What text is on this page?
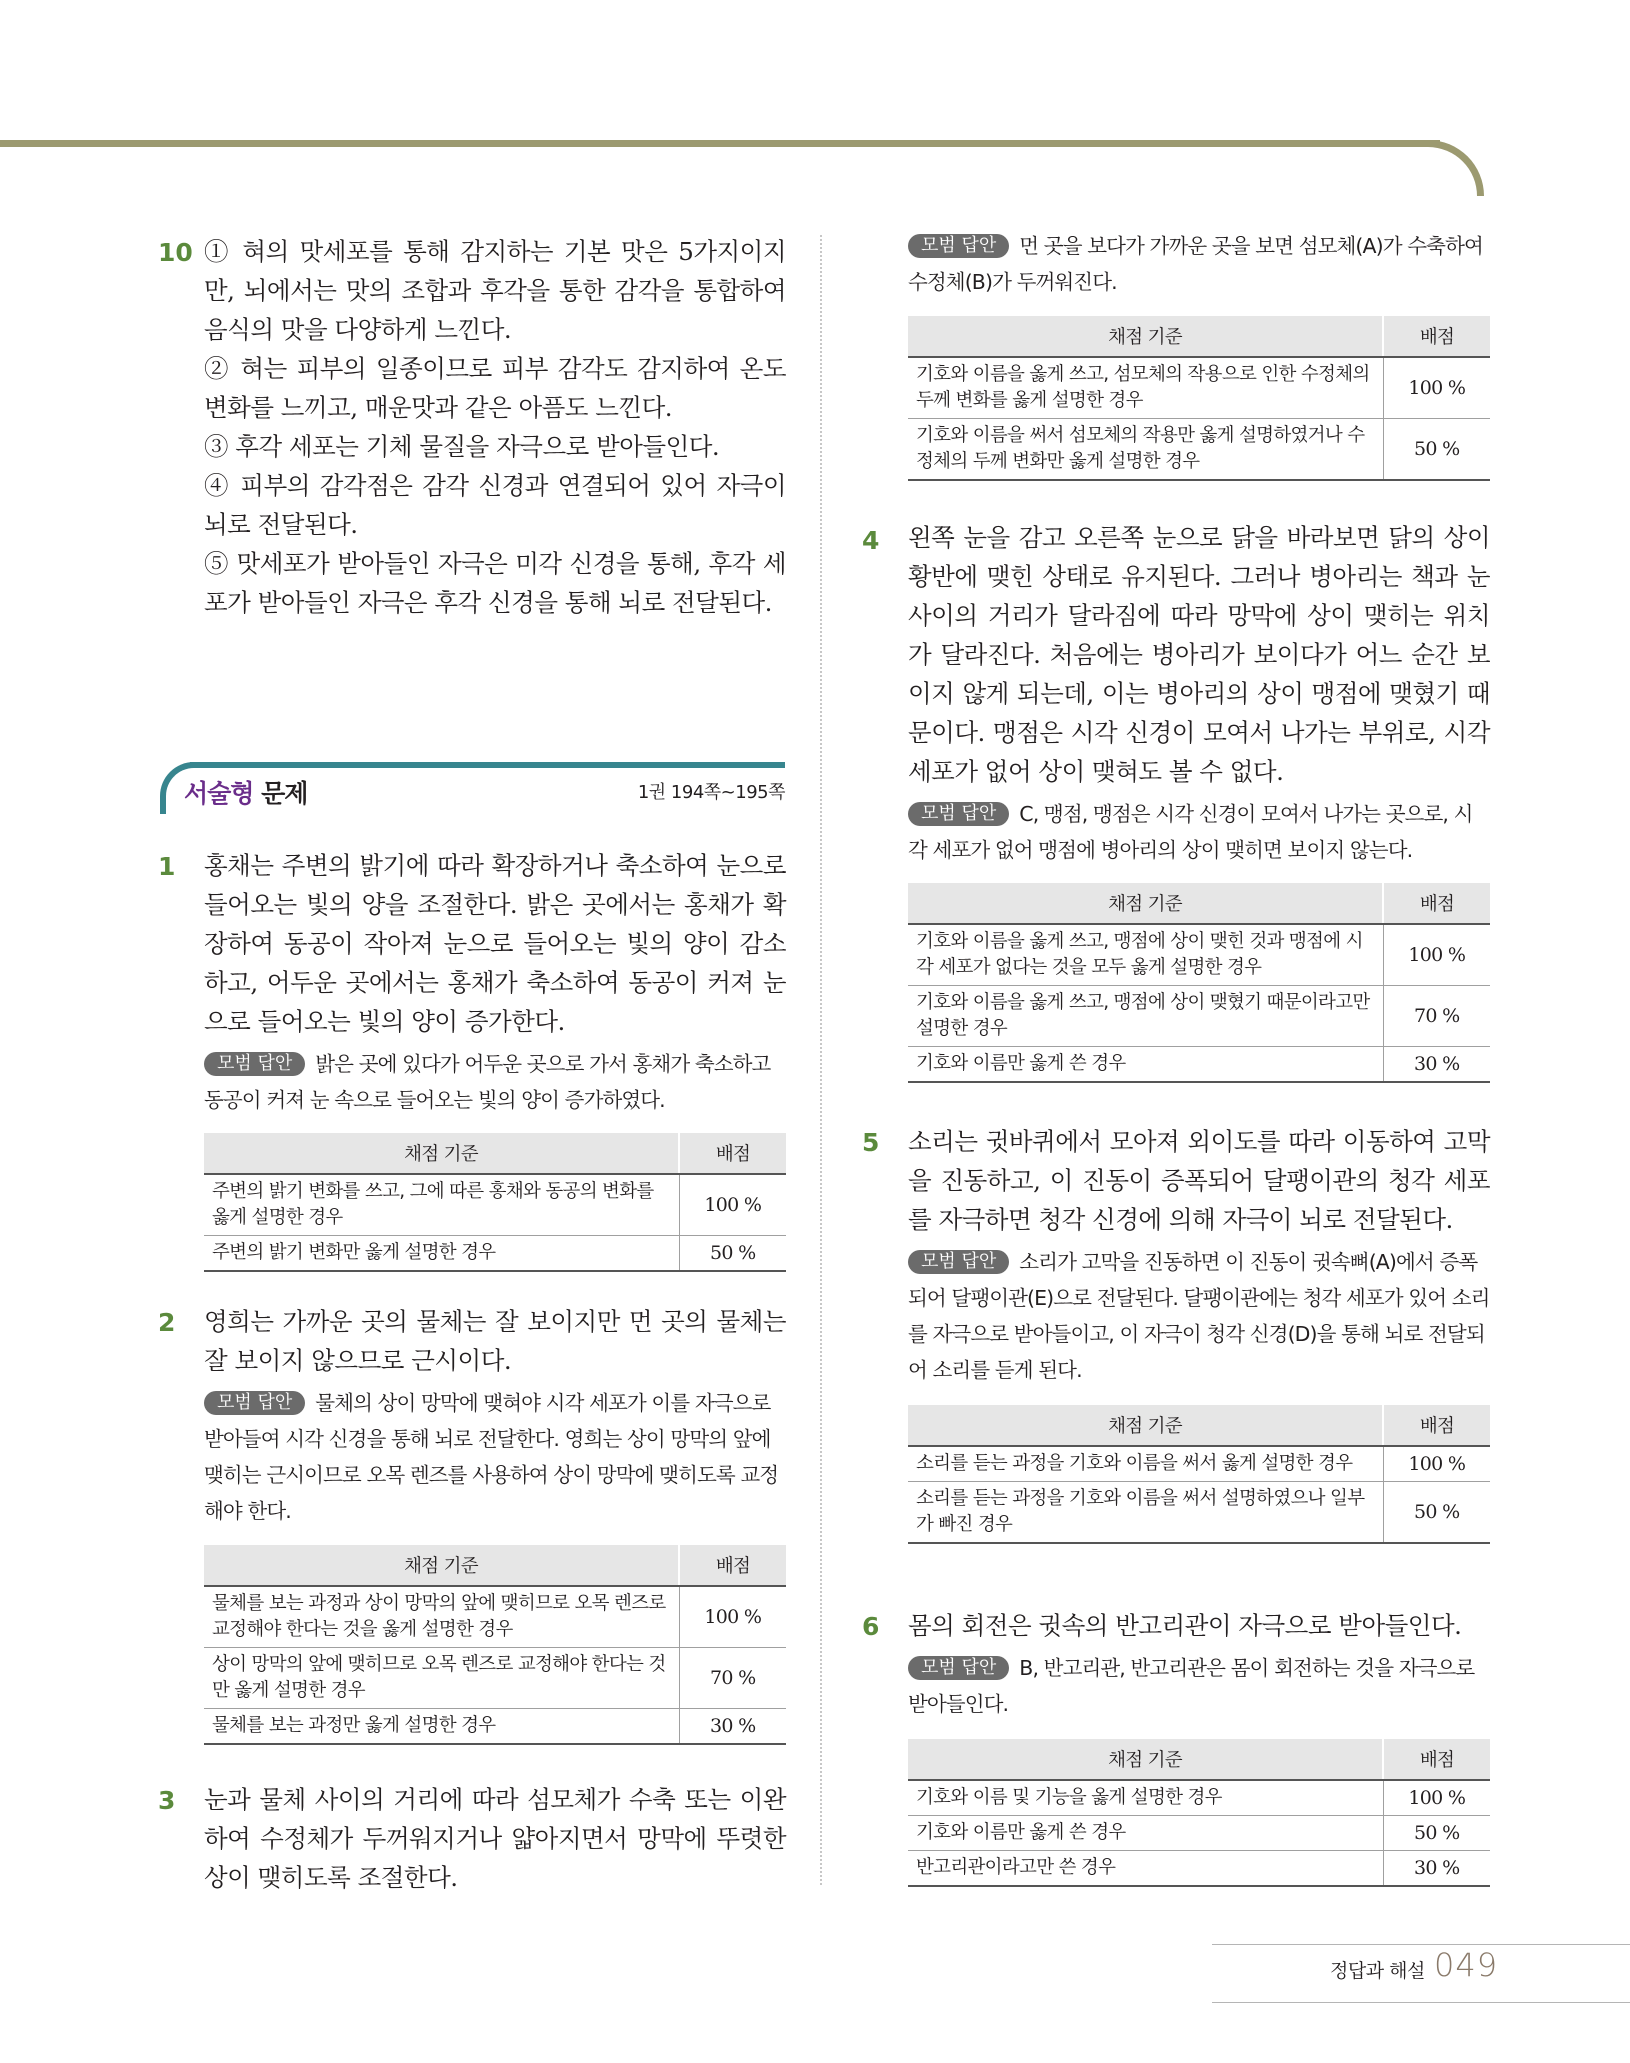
10 ① 혀의 맛세포를 통해 감지하는 기본 맛은 5가지이지만, 뇌에서는 맛의 조합과 후각을 통한 감각을 통합하여 음식의 맛을 다양하게 느낀다.

② 혀는 피부의 일종이므로 피부 감각도 감지하여 온도 변화를 느끼고, 매운맛과 같은 아픔도 느낀다.

③ 후각 세포는 기체 물질을 자극으로 받아들인다.

④ 피부의 감각점은 감각 신경과 연결되어 있어 자극이 뇌로 전달된다.

⑤ 맛세포가 받아들인 자극은 미각 신경을 통해, 후각 세포가 받아들인 자극은 후각 신경을 통해 뇌로 전달된다.

서술형 문제	1권 194쪽~195쪽
1 홍채는 주변의 밝기에 따라 확장하거나 축소하여 눈으로 들어오는 빛의 양을 조절한다. 밝은 곳에서는 홍채가 확장하여 동공이 작아져 눈으로 들어오는 빛의 양이 감소하고, 어두운 곳에서는 홍채가 축소하여 동공이 커져 눈으로 들어오는 빛의 양이 증가한다.
모범 답안 밝은 곳에 있다가 어두운 곳으로 가서 홍채가 축소하고 동공이 커져 눈 속으로 들어오는 빛의 양이 증가하였다.
채점 기준	배점
주변의 밝기 변화를 쓰고, 그에 따른 홍채와 동공의 변화를 옳게 설명한 경우	100 %
주변의 밝기 변화만 옳게 설명한 경우	50 %
2 영희는 가까운 곳의 물체는 잘 보이지만 먼 곳의 물체는 잘 보이지 않으므로 근시이다.
모범 답안 물체의 상이 망막에 맺혀야 시각 세포가 이를 자극으로 받아들여 시각 신경을 통해 뇌로 전달한다. 영희는 상이 망막의 앞에 맺히는 근시이므로 오목 렌즈를 사용하여 상이 망막에 맺히도록 교정해야 한다.
채점 기준	배점
물체를 보는 과정과 상이 망막의 앞에 맺히므로 오목 렌즈로 교정해야 한다는 것을 옳게 설명한 경우	100 %
상이 망막의 앞에 맺히므로 오목 렌즈로 교정해야 한다는 것만 옳게 설명한 경우	70 %
물체를 보는 과정만 옳게 설명한 경우	30 %
3 눈과 물체 사이의 거리에 따라 섬모체가 수축 또는 이완하여 수정체가 두꺼워지거나 얇아지면서 망막에 뚜렷한 상이 맺히도록 조절한다.
모범 답안 먼 곳을 보다가 가까운 곳을 보면 섬모체(A)가 수축하여 수정체(B)가 두꺼워진다.
채점 기준	배점
기호와 이름을 옳게 쓰고, 섬모체의 작용으로 인한 수정체의 두께 변화를 옳게 설명한 경우	100 %
기호와 이름을 써서 섬모체의 작용만 옳게 설명하였거나 수정체의 두께 변화만 옳게 설명한 경우	50 %
4 왼쪽 눈을 감고 오른쪽 눈으로 닭을 바라보면 닭의 상이 황반에 맺힌 상태로 유지된다. 그러나 병아리는 책과 눈 사이의 거리가 달라짐에 따라 망막에 상이 맺히는 위치가 달라진다. 처음에는 병아리가 보이다가 어느 순간 보이지 않게 되는데, 이는 병아리의 상이 맹점에 맺혔기 때문이다. 맹점은 시각 신경이 모여서 나가는 부위로, 시각 세포가 없어 상이 맺혀도 볼 수 없다.
모범 답안 C, 맹점, 맹점은 시각 신경이 모여서 나가는 곳으로, 시각 세포가 없어 맹점에 병아리의 상이 맺히면 보이지 않는다.
채점 기준	배점
기호와 이름을 옳게 쓰고, 맹점에 상이 맺힌 것과 맹점에 시각 세포가 없다는 것을 모두 옳게 설명한 경우	100 %
기호와 이름을 옳게 쓰고, 맹점에 상이 맺혔기 때문이라고만 설명한 경우	70 %
기호와 이름만 옳게 쓴 경우	30 %
5 소리는 귓바퀴에서 모아져 외이도를 따라 이동하여 고막을 진동하고, 이 진동이 증폭되어 달팽이관의 청각 세포를 자극하면 청각 신경에 의해 자극이 뇌로 전달된다.
모범 답안 소리가 고막을 진동하면 이 진동이 귓속뼈(A)에서 증폭되어 달팽이관(E)으로 전달된다. 달팽이관에는 청각 세포가 있어 소리를 자극으로 받아들이고, 이 자극이 청각 신경(D)을 통해 뇌로 전달되어 소리를 듣게 된다.
채점 기준	배점
소리를 듣는 과정을 기호와 이름을 써서 옳게 설명한 경우	100 %
소리를 듣는 과정을 기호와 이름을 써서 설명하였으나 일부가 빠진 경우	50 %
6 몸의 회전은 귓속의 반고리관이 자극으로 받아들인다.
모범 답안 B, 반고리관, 반고리관은 몸이 회전하는 것을 자극으로 받아들인다.
채점 기준	배점
기호와 이름 및 기능을 옳게 설명한 경우	100 %
기호와 이름만 옳게 쓴 경우	50 %
반고리관이라고만 쓴 경우	30 %
정답과 해설 049
